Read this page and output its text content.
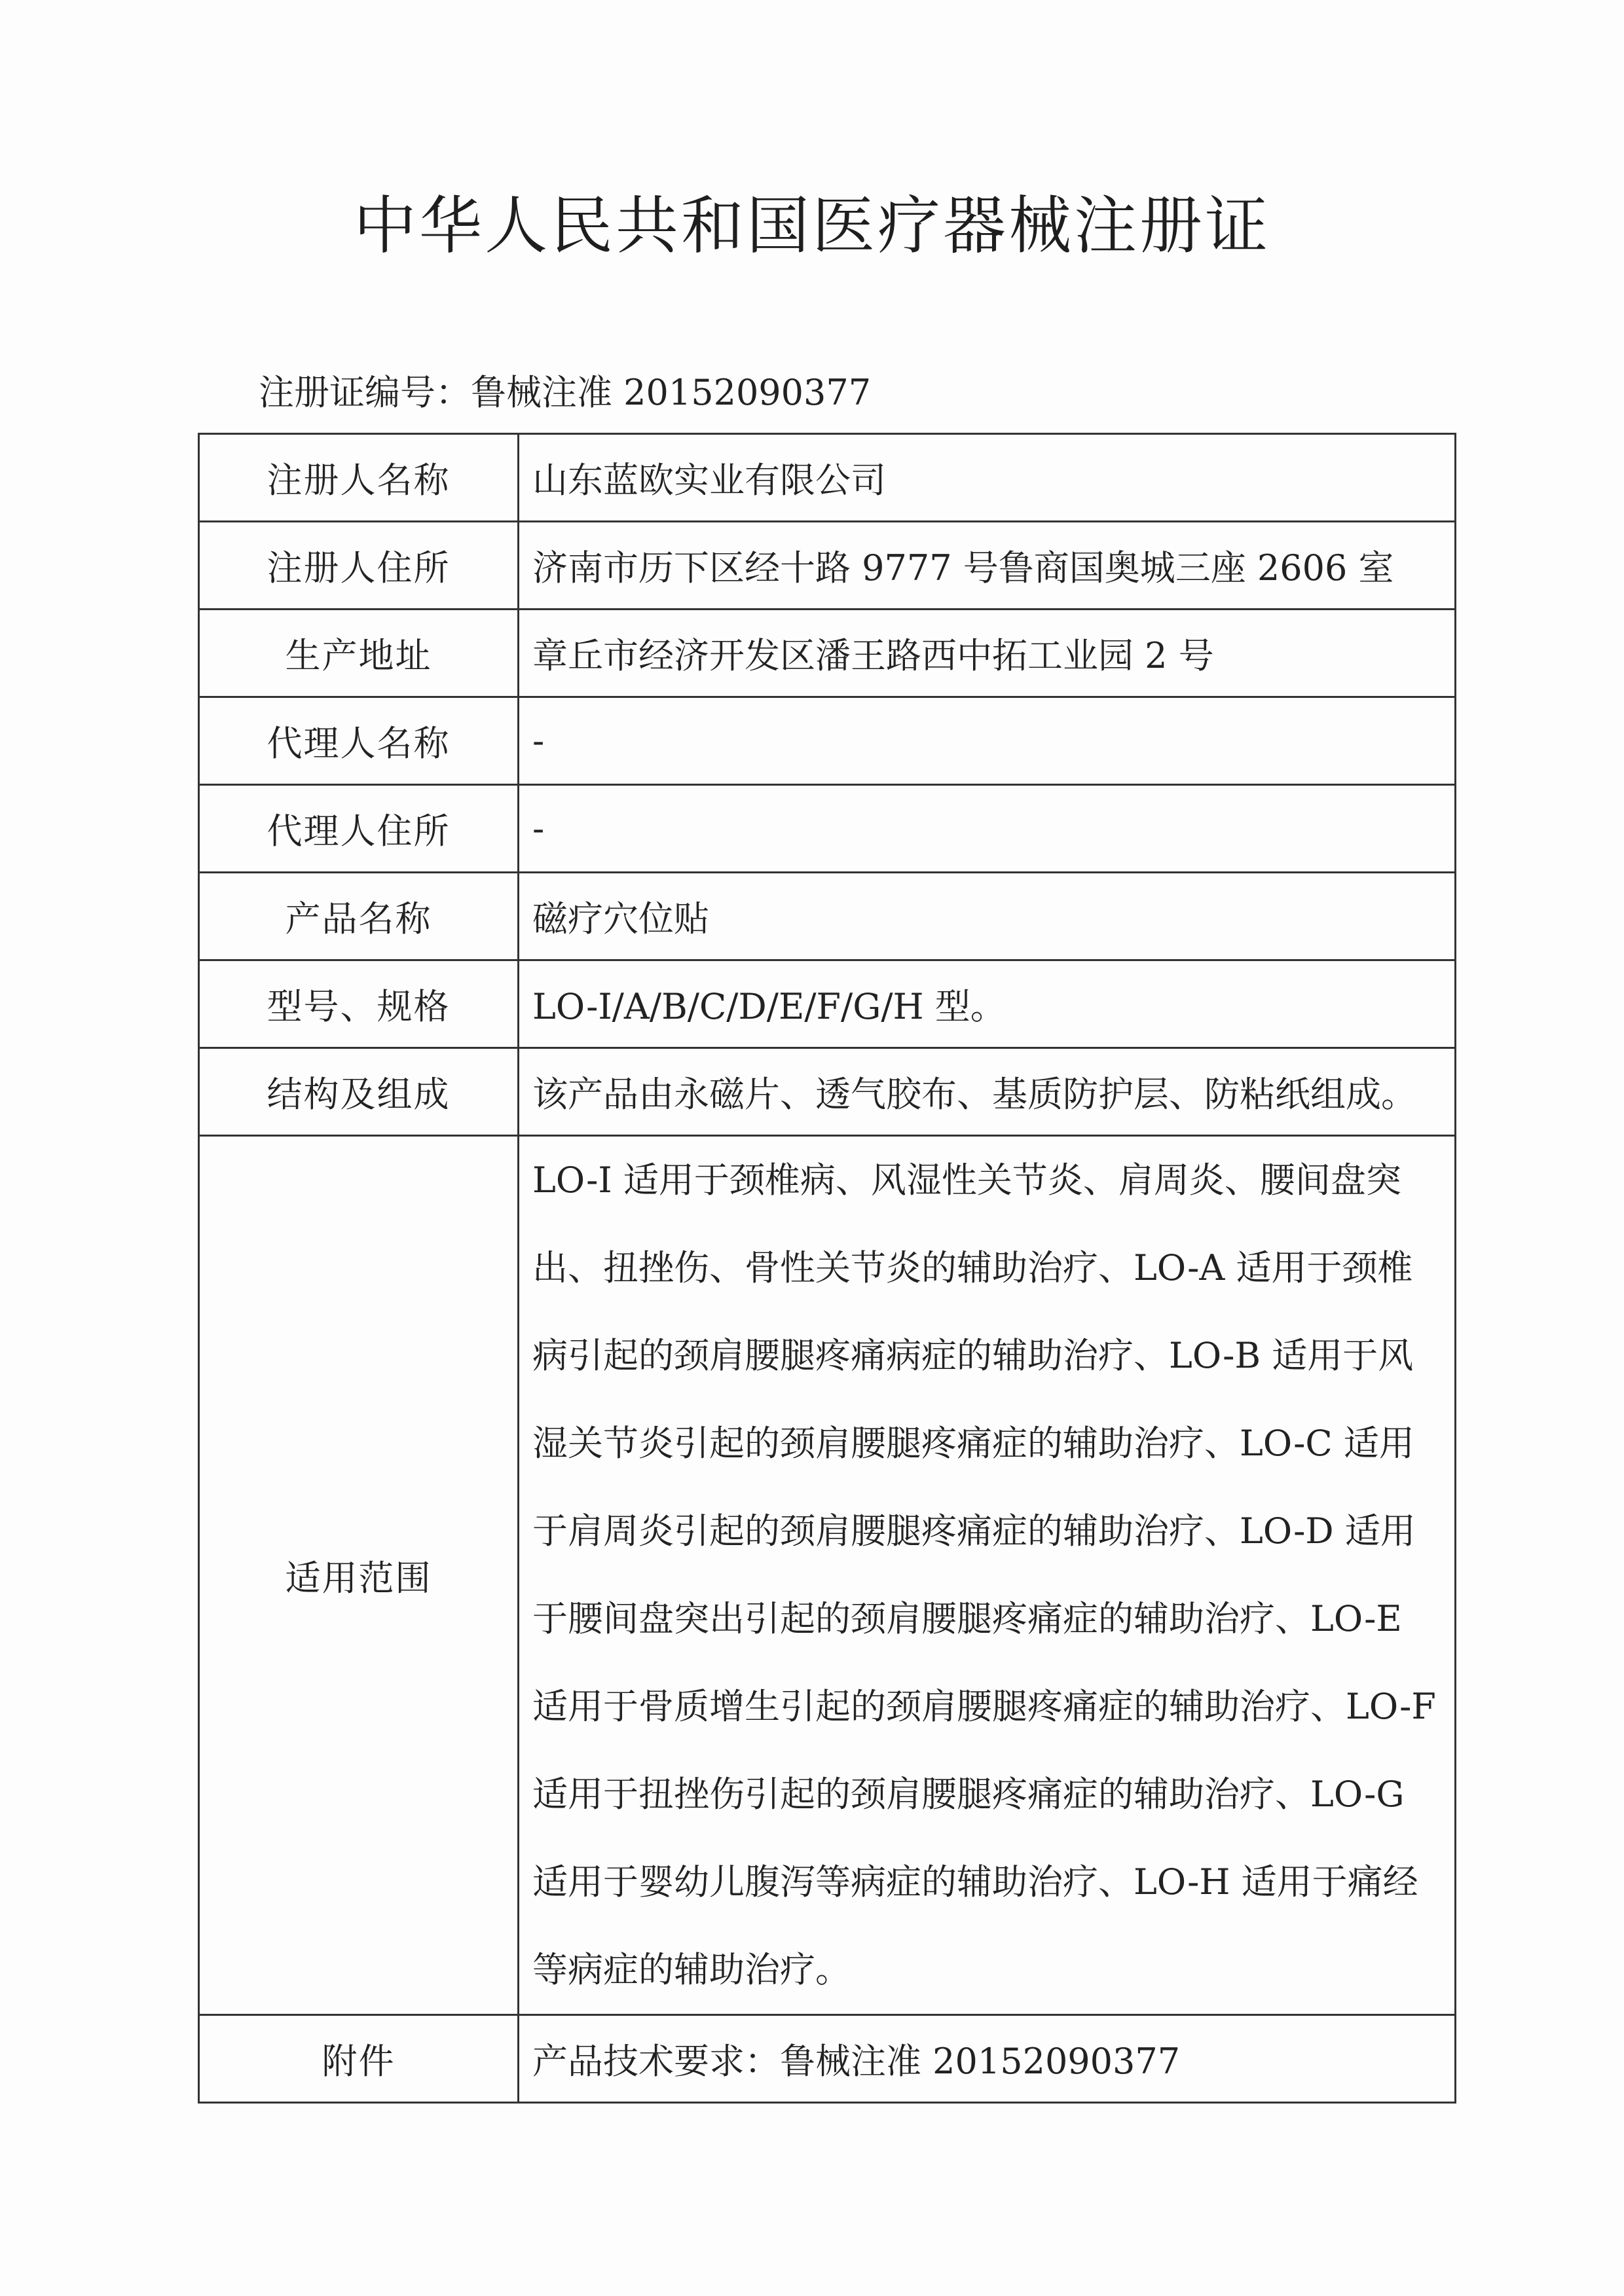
中华人民共和国医疗器械注册证
注册证编号：鲁械注准 20152090377
注册人名称	山东蓝欧实业有限公司
注册人住所	济南市历下区经十路 9777 号鲁商国奥城三座 2606 室
生产地址	章丘市经济开发区潘王路西中拓工业园 2 号
代理人名称	-
代理人住所	-
产品名称	磁疗穴位贴
型号、规格	LO-I/A/B/C/D/E/F/G/H 型。
结构及组成	该产品由永磁片、透气胶布、基质防护层、防粘纸组成。
适用范围	LO-I 适用于颈椎病、风湿性关节炎、肩周炎、腰间盘突出、扭挫伤、骨性关节炎的辅助治疗、LO-A 适用于颈椎病引起的颈肩腰腿疼痛病症的辅助治疗、LO-B 适用于风湿关节炎引起的颈肩腰腿疼痛症的辅助治疗、LO-C 适用于肩周炎引起的颈肩腰腿疼痛症的辅助治疗、LO-D 适用于腰间盘突出引起的颈肩腰腿疼痛症的辅助治疗、LO-E 适用于骨质增生引起的颈肩腰腿疼痛症的辅助治疗、LO-F 适用于扭挫伤引起的颈肩腰腿疼痛症的辅助治疗、LO-G 适用于婴幼儿腹泻等病症的辅助治疗、LO-H 适用于痛经等病症的辅助治疗。
附件	产品技术要求：鲁械注准 20152090377
